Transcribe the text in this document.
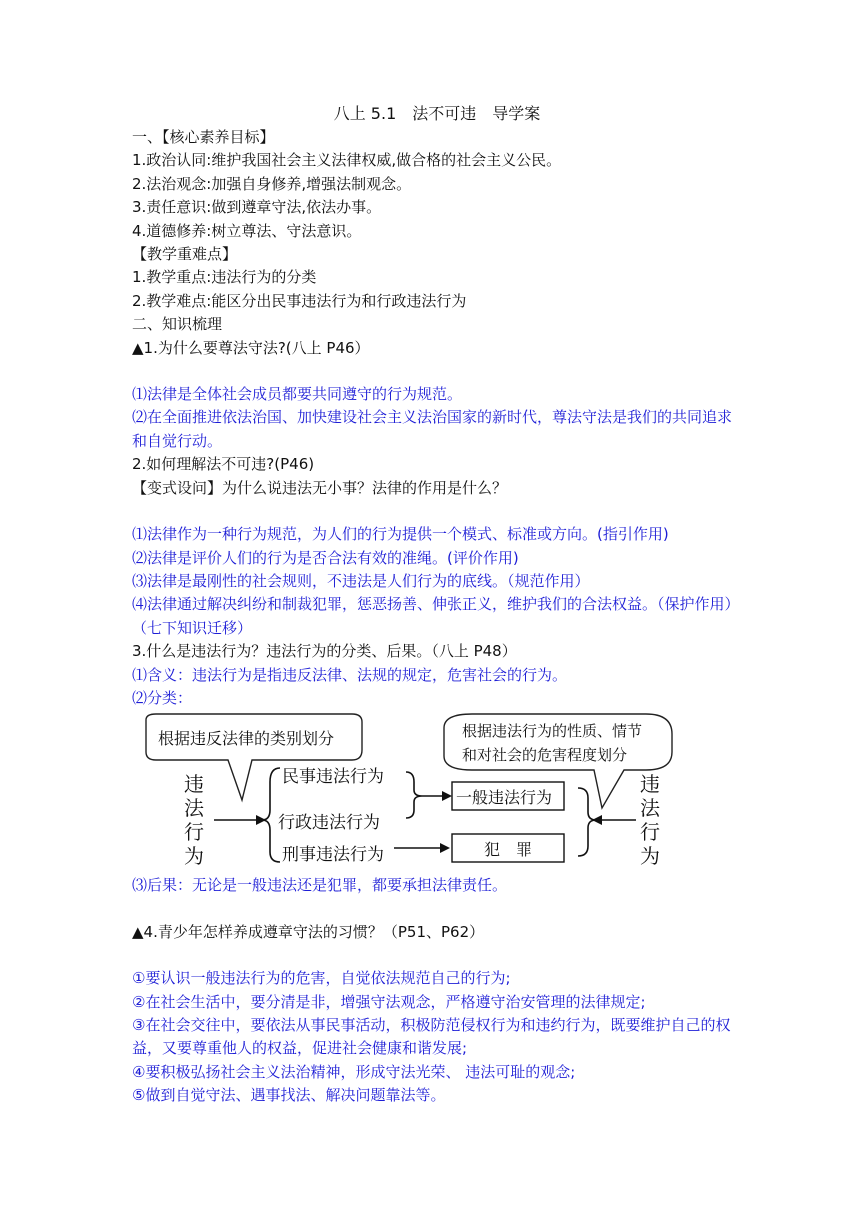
八上 5.1　法不可违　导学案
一、【核心素养目标】
1.政治认同:维护我国社会主义法律权威,做合格的社会主义公民。
2.法治观念:加强自身修养,增强法制观念。
3.责任意识:做到遵章守法,依法办事。
4.道德修养:树立尊法、守法意识。
【教学重难点】
1.教学重点:违法行为的分类
2.教学难点:能区分出民事违法行为和行政违法行为
二、知识梳理
▲1.为什么要尊法守法?(八上 P46）
⑴法律是全体社会成员都要共同遵守的行为规范。
⑵在全面推进依法治国、加快建设社会主义法治国家的新时代，尊法守法是我们的共同追求和自觉行动。
2.如何理解法不可违?(P46)
【变式设问】为什么说违法无小事？法律的作用是什么？
⑴法律作为一种行为规范，为人们的行为提供一个模式、标准或方向。(指引作用)
⑵法律是评价人们的行为是否合法有效的准绳。(评价作用)
⑶法律是最刚性的社会规则，不违法是人们行为的底线。（规范作用）
⑷法律通过解决纠纷和制裁犯罪，惩恶扬善、伸张正义，维护我们的合法权益。（保护作用）（七下知识迁移）
3.什么是违法行为？违法行为的分类、后果。（八上 P48）
⑴含义：违法行为是指违反法律、法规的规定，危害社会的行为。
⑵分类：
根据违反法律的类别划分	根据违法行为的性质、情节
和对社会的危害程度划分
违
法
行
为
违
法
行
为
民事违法行为
行政违法行为
刑事违法行为
一般违法行为
犯　罪
⑶后果：无论是一般违法还是犯罪，都要承担法律责任。
▲4.青少年怎样养成遵章守法的习惯？（P51、P62）
①要认识一般违法行为的危害，自觉依法规范自己的行为;
②在社会生活中，要分清是非，增强守法观念，严格遵守治安管理的法律规定;
③在社会交往中，要依法从事民事活动，积极防范侵权行为和违约行为，既要维护自己的权益，又要尊重他人的权益，促进社会健康和谐发展;
④要积极弘扬社会主义法治精神，形成守法光荣、 违法可耻的观念;
⑤做到自觉守法、遇事找法、解决问题靠法等。
